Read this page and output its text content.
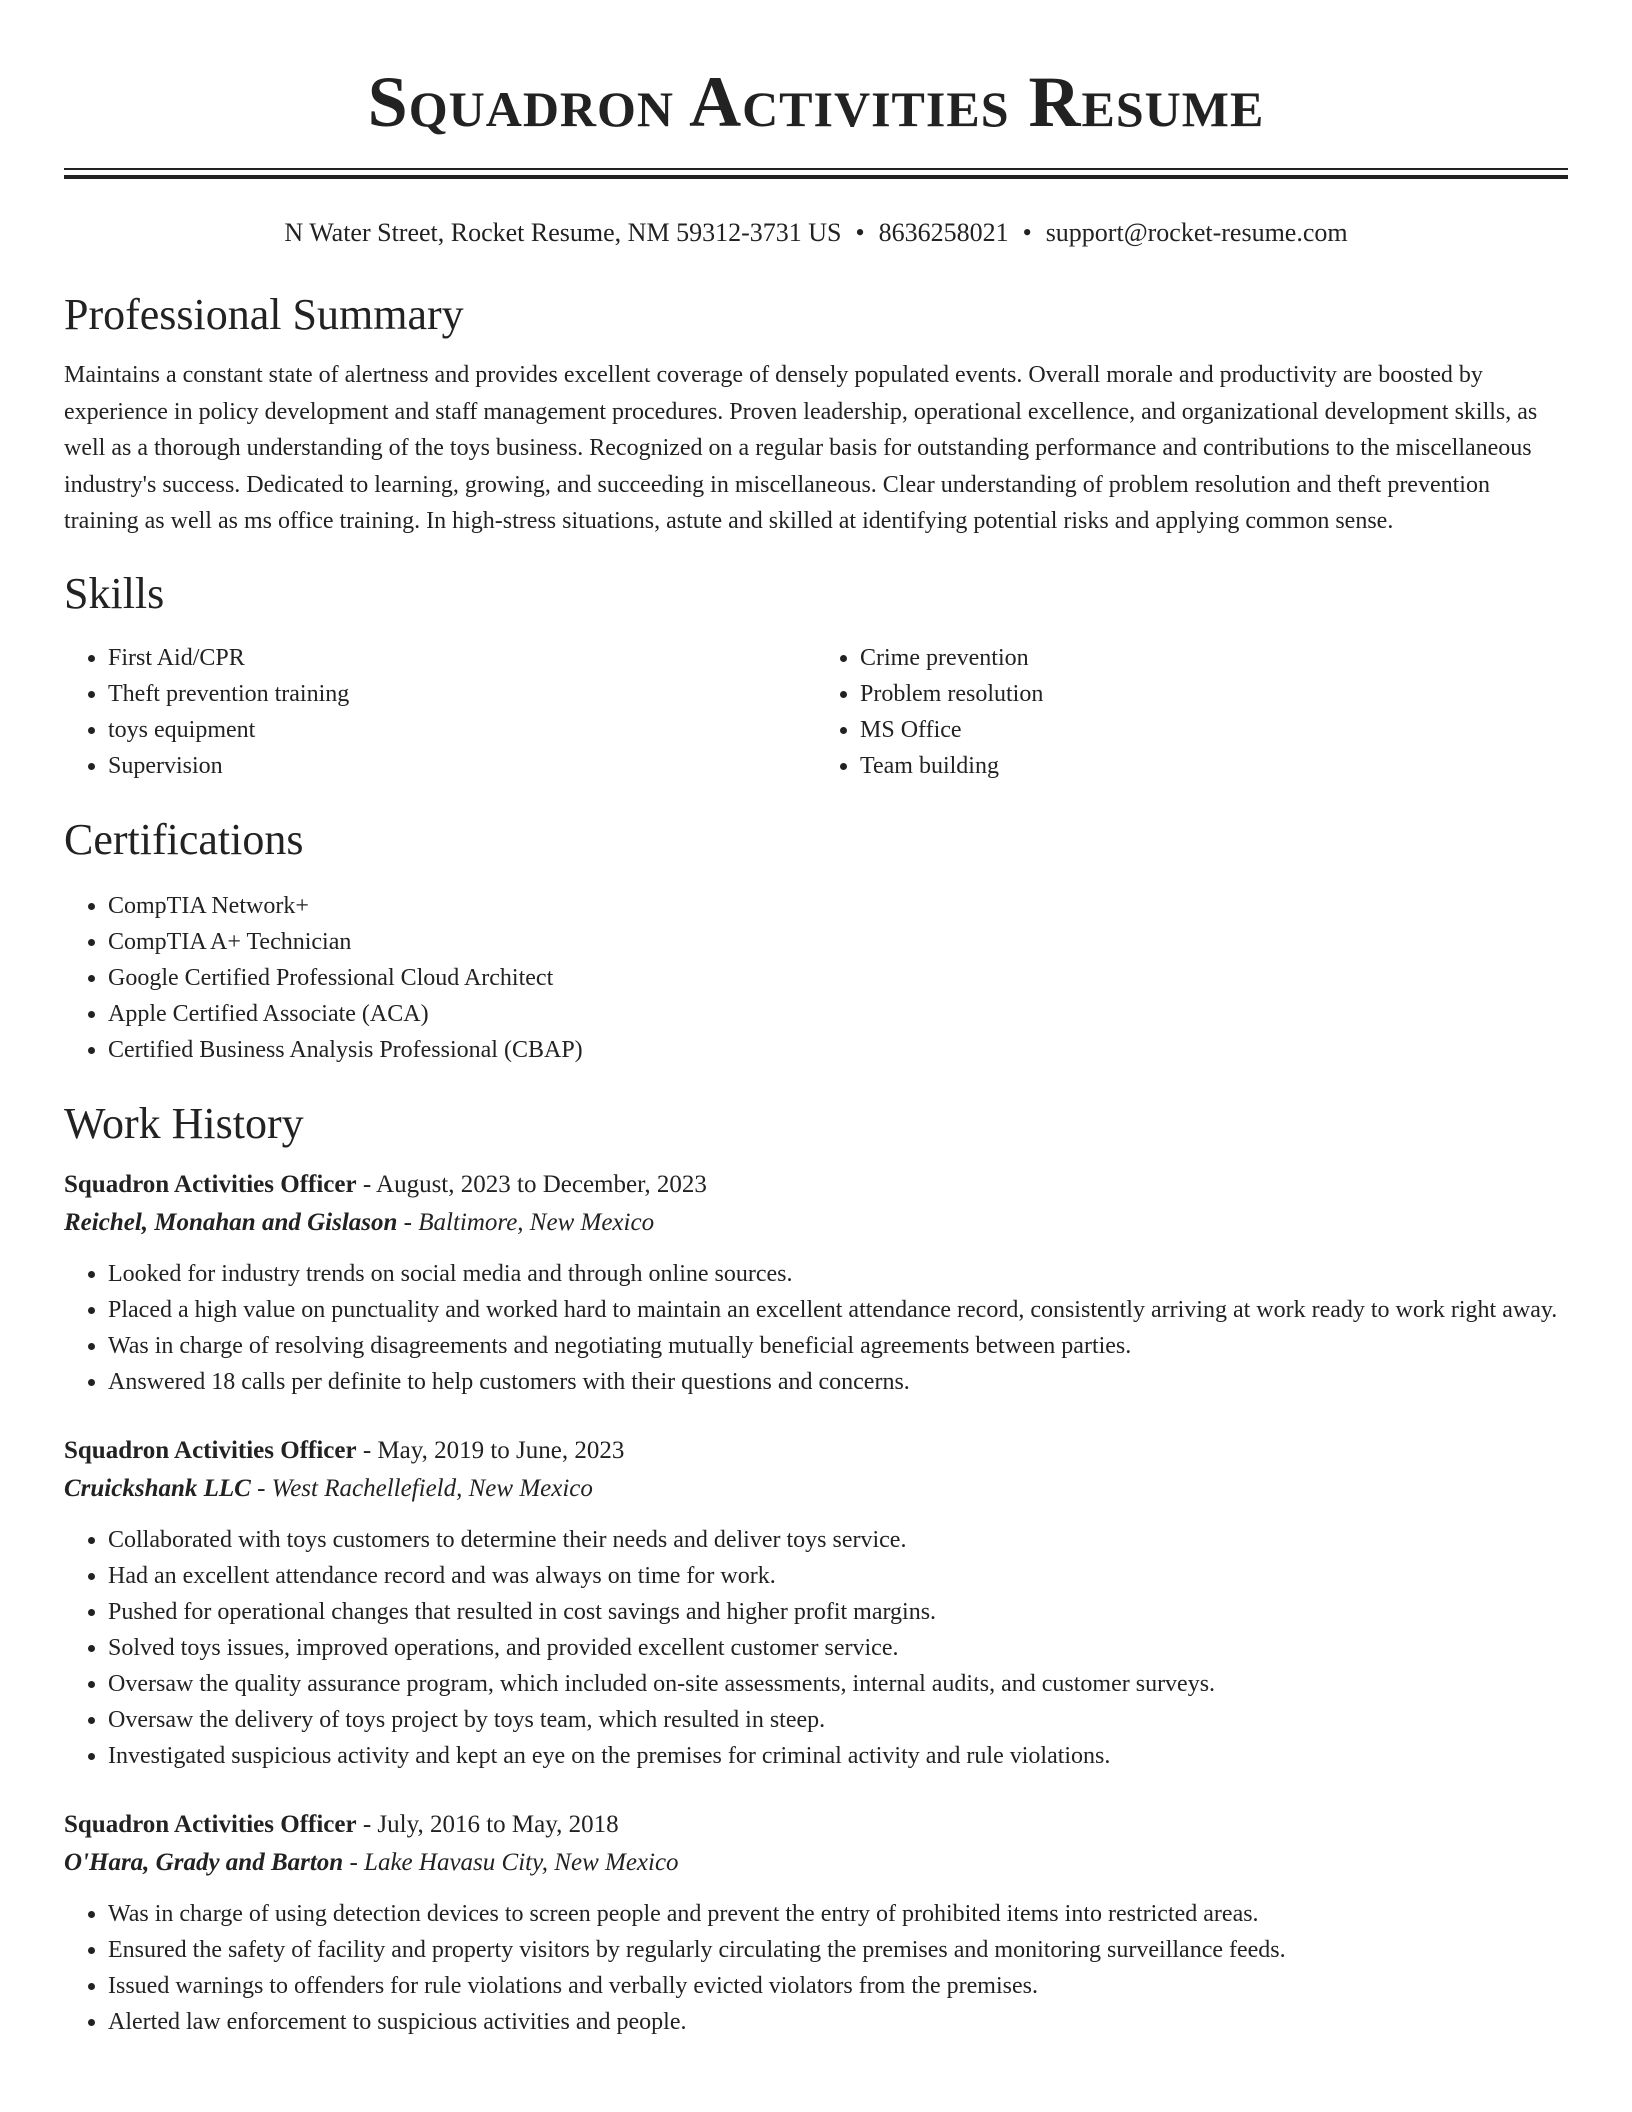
Squadron Activities Resume
N Water Street, Rocket Resume, NM 59312-3731 US • 8636258021 • support@rocket-resume.com
Professional Summary

Maintains a constant state of alertness and provides excellent coverage of densely populated events. Overall morale and productivity are boosted by experience in policy development and staff management procedures. Proven leadership, operational excellence, and organizational development skills, as well as a thorough understanding of the toys business. Recognized on a regular basis for outstanding performance and contributions to the miscellaneous industry's success. Dedicated to learning, growing, and succeeding in miscellaneous. Clear understanding of problem resolution and theft prevention training as well as ms office training. In high-stress situations, astute and skilled at identifying potential risks and applying common sense.

Skills
• First Aid/CPR
• Theft prevention training
• toys equipment
• Supervision
• Crime prevention
• Problem resolution
• MS Office
• Team building
Certifications
• CompTIA Network+
• CompTIA A+ Technician
• Google Certified Professional Cloud Architect
• Apple Certified Associate (ACA)
• Certified Business Analysis Professional (CBAP)
Work History
Squadron Activities Officer - August, 2023 to December, 2023
Reichel, Monahan and Gislason - Baltimore, New Mexico
• Looked for industry trends on social media and through online sources.
• Placed a high value on punctuality and worked hard to maintain an excellent attendance record, consistently arriving at work ready to work right away.
• Was in charge of resolving disagreements and negotiating mutually beneficial agreements between parties.
• Answered 18 calls per definite to help customers with their questions and concerns.
Squadron Activities Officer - May, 2019 to June, 2023
Cruickshank LLC - West Rachellefield, New Mexico
• Collaborated with toys customers to determine their needs and deliver toys service.
• Had an excellent attendance record and was always on time for work.
• Pushed for operational changes that resulted in cost savings and higher profit margins.
• Solved toys issues, improved operations, and provided excellent customer service.
• Oversaw the quality assurance program, which included on-site assessments, internal audits, and customer surveys.
• Oversaw the delivery of toys project by toys team, which resulted in steep.
• Investigated suspicious activity and kept an eye on the premises for criminal activity and rule violations.
Squadron Activities Officer - July, 2016 to May, 2018
O'Hara, Grady and Barton - Lake Havasu City, New Mexico
• Was in charge of using detection devices to screen people and prevent the entry of prohibited items into restricted areas.
• Ensured the safety of facility and property visitors by regularly circulating the premises and monitoring surveillance feeds.
• Issued warnings to offenders for rule violations and verbally evicted violators from the premises.
• Alerted law enforcement to suspicious activities and people.
